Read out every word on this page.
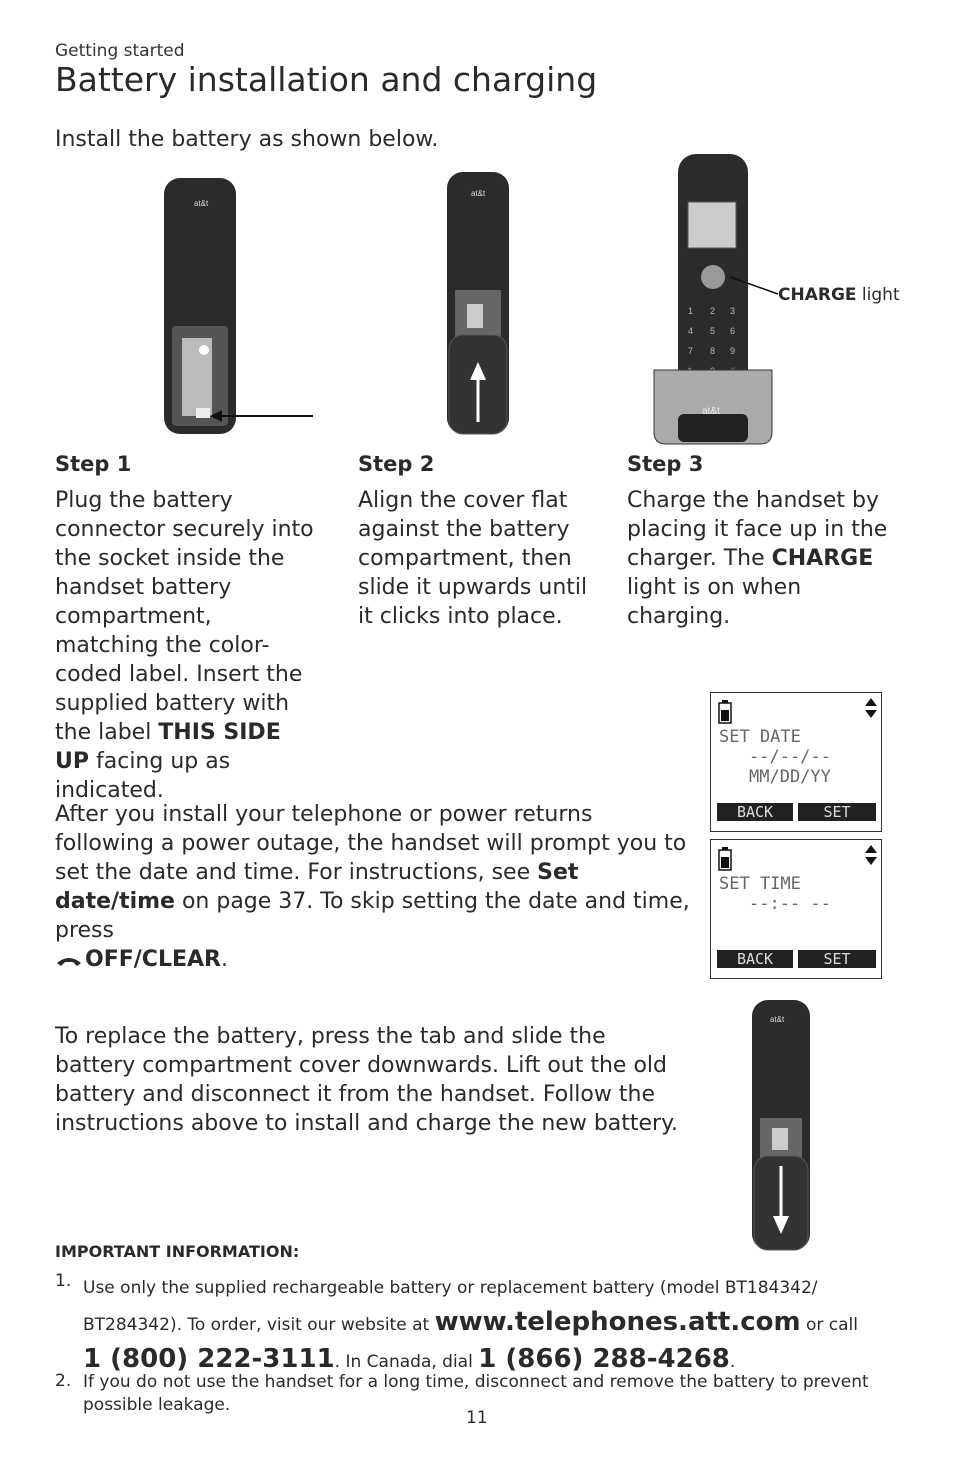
Getting started
Battery installation and charging
Install the battery as shown below.
at&t
at&t
1 2 3
4 5 6
7 8 9
at&t
CHARGE light
Step 1
Plug the battery connector securely into the socket inside the handset battery compartment, matching the color-coded label. Insert the supplied battery with the label THIS SIDE UP facing up as indicated.
Step 2
Align the cover flat against the battery compartment, then slide it upwards until it clicks into place.
Step 3
Charge the handset by placing it face up in the charger. The CHARGE light is on when charging.
After you install your telephone or power returns following a power outage, the handset will prompt you to set the date and time. For instructions, see Set date/time on page 37. To skip setting the date and time, press
OFF/CLEAR.
SET DATE
--/--/--
MM/DD/YY
BACK	SET
SET TIME
--:-- --
BACK	SET
To replace the battery, press the tab and slide the battery compartment cover downwards. Lift out the old battery and disconnect it from the handset. Follow the instructions above to install and charge the new battery.
at&t
IMPORTANT INFORMATION:
1. Use only the supplied rechargeable battery or replacement battery (model BT184342/ BT284342). To order, visit our website at www.telephones.att.com or call
1 (800) 222-3111. In Canada, dial 1 (866) 288-4268.
2. If you do not use the handset for a long time, disconnect and remove the battery to prevent possible leakage.
11
